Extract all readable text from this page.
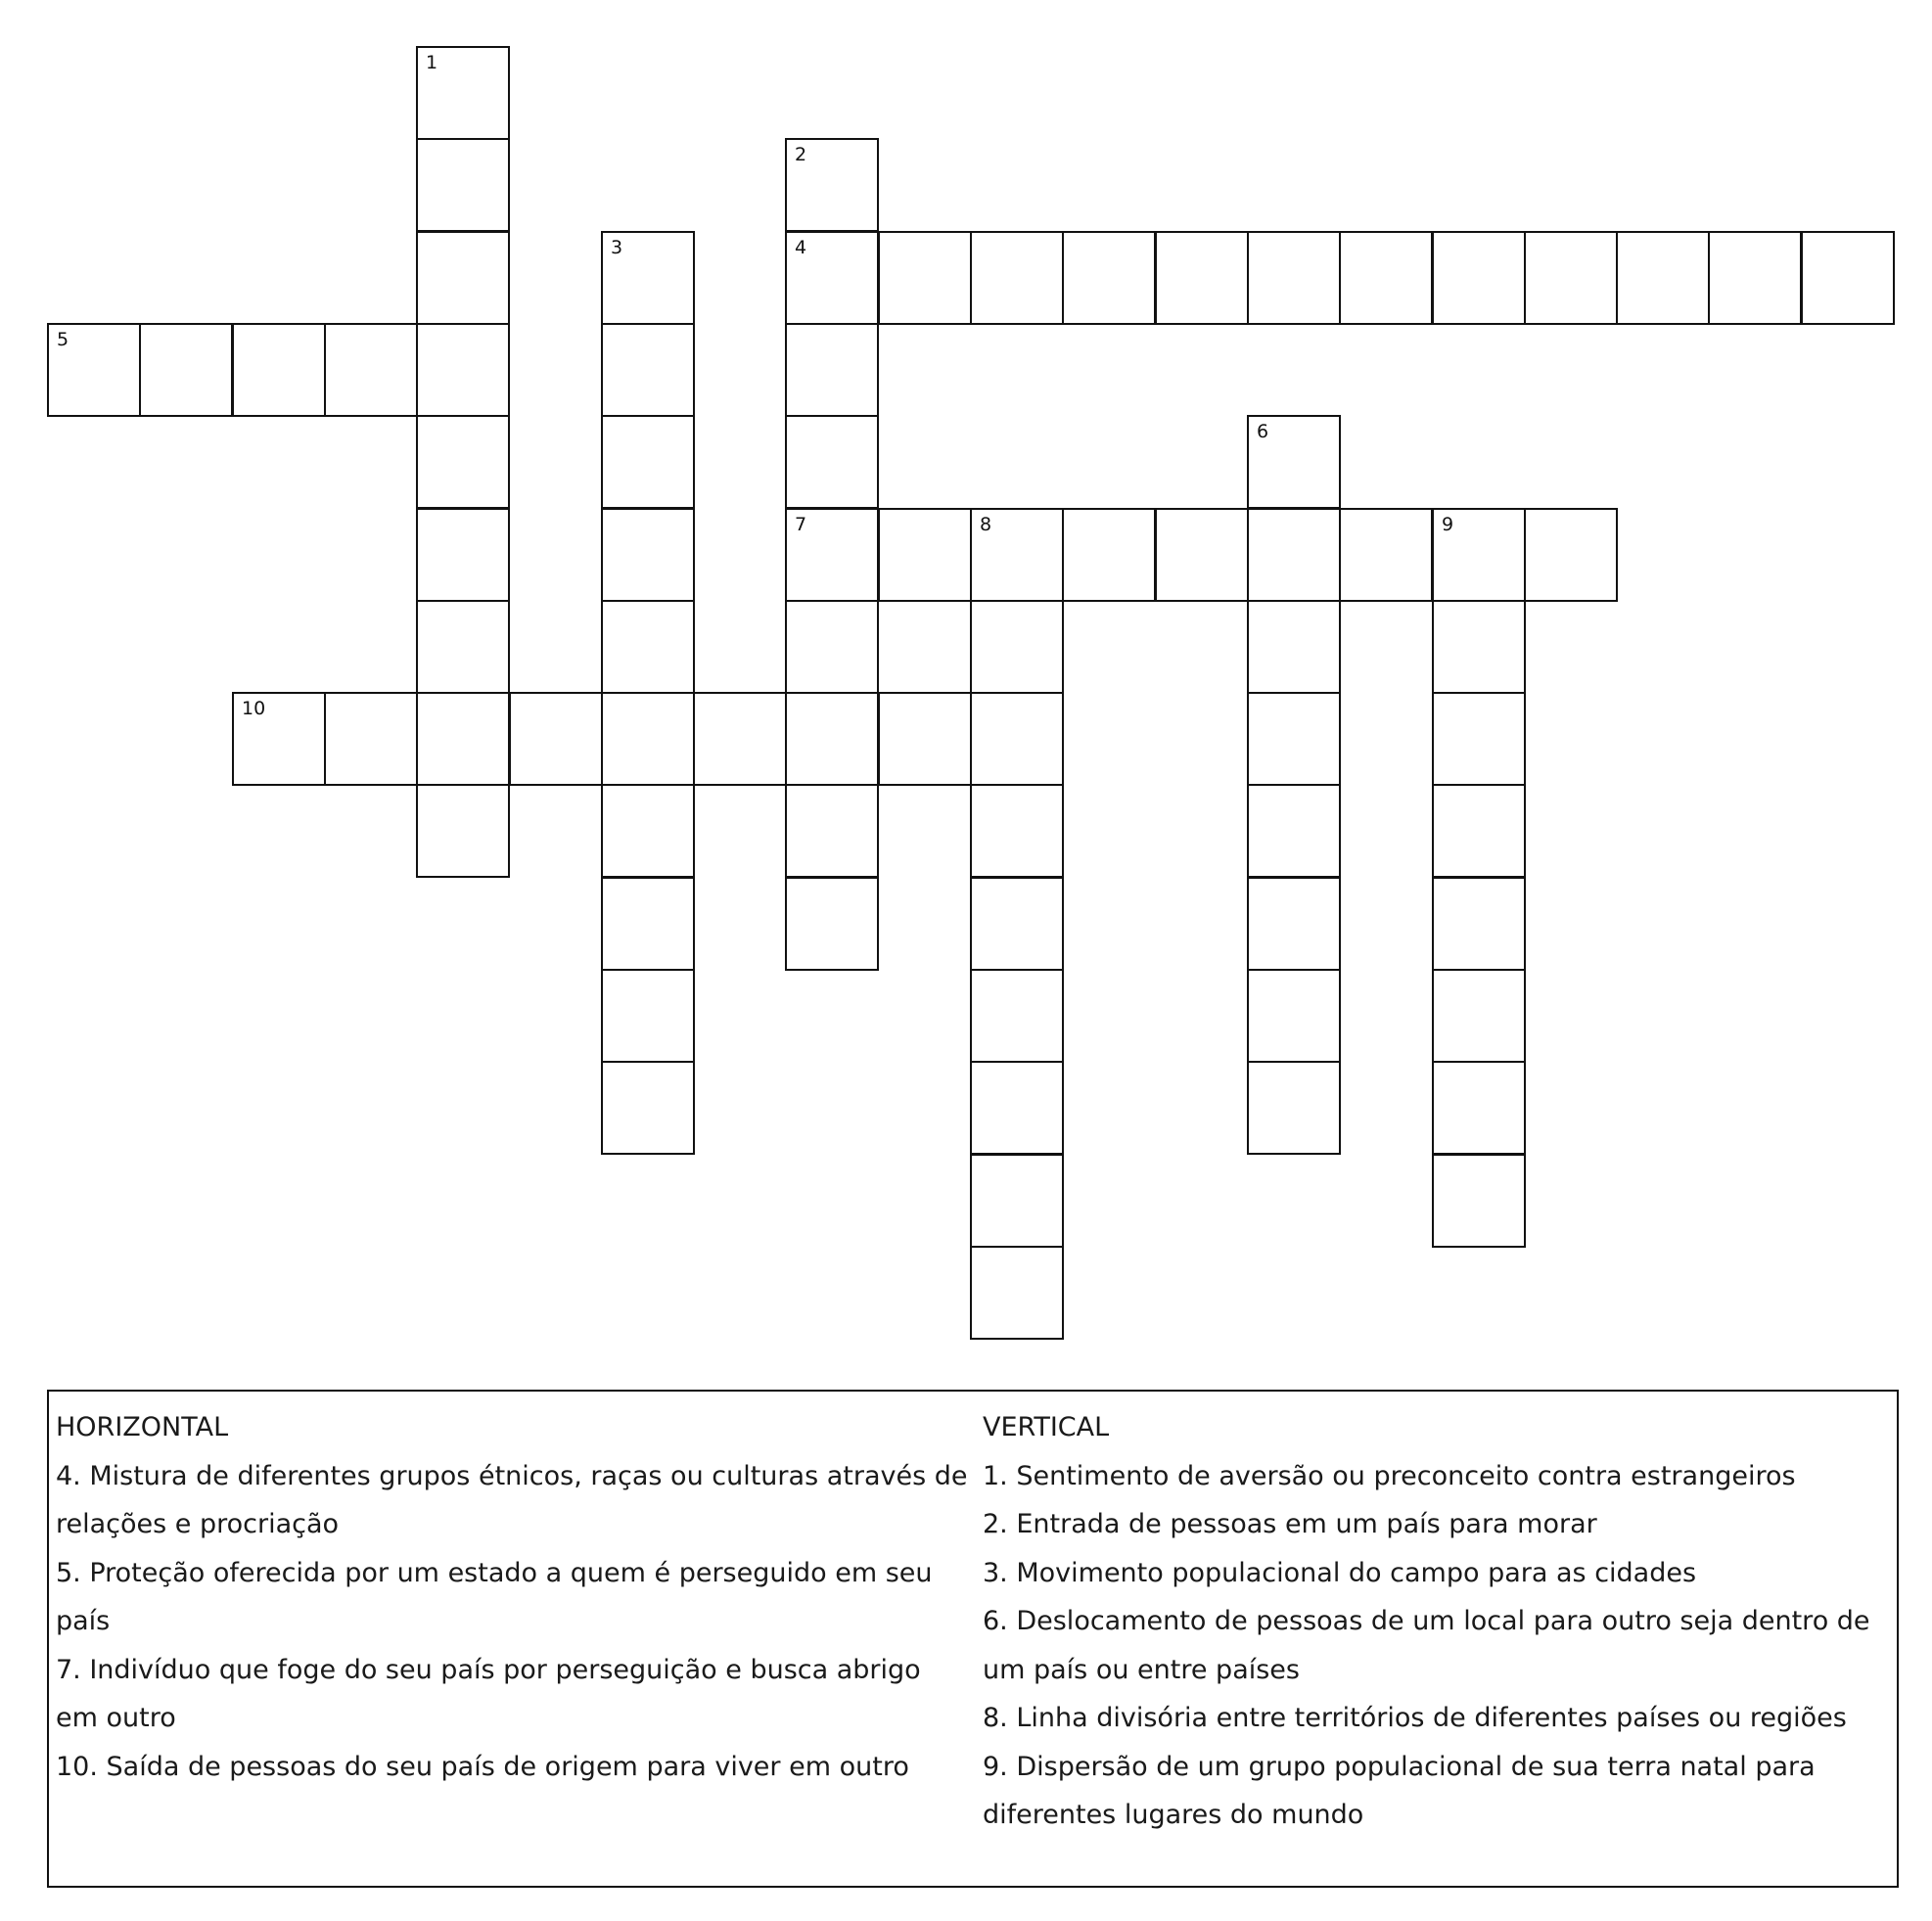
1
2
4
7
3
5
6
8	9
10
HORIZONTAL
4. Mistura de diferentes grupos étnicos, raças ou culturas através de relações e procriação
5. Proteção oferecida por um estado a quem é perseguido em seu país
7. Indivíduo que foge do seu país por perseguição e busca abrigo em outro
10. Saída de pessoas do seu país de origem para viver em outro
VERTICAL
1. Sentimento de aversão ou preconceito contra estrangeiros
2. Entrada de pessoas em um país para morar
3. Movimento populacional do campo para as cidades
6. Deslocamento de pessoas de um local para outro seja dentro de um país ou entre países
8. Linha divisória entre territórios de diferentes países ou regiões
9. Dispersão de um grupo populacional de sua terra natal para diferentes lugares do mundo
